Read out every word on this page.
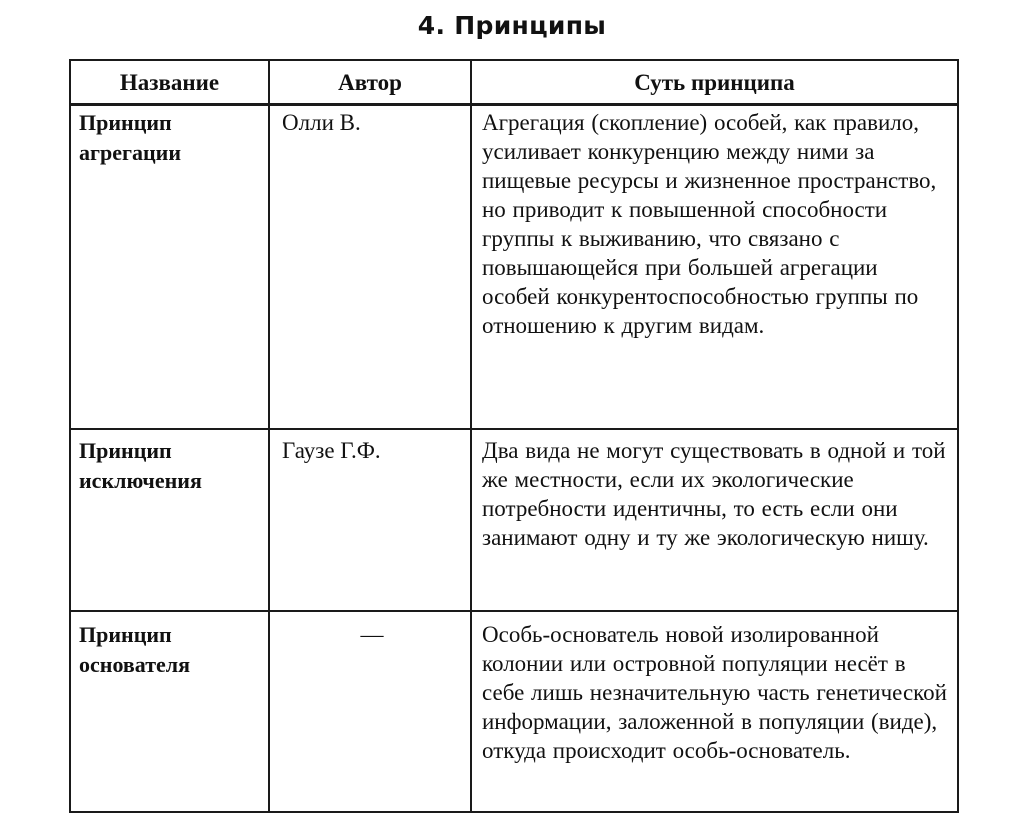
4. Принципы
Название	Автор	Суть принципа
Принцип агрегации	Олли В.	Агрегация (скопление) особей, как правило, усиливает конкуренцию между ними за пищевые ресурсы и жизненное пространство, но приводит к повышенной способности группы к выживанию, что связано с повышающейся при большей агрегации особей конкурентоспособностью группы по отношению к другим видам.
Принцип исключения	Гаузе Г.Ф.	Два вида не могут существовать в одной и той же местности, если их экологические потребности идентичны, то есть если они занимают одну и ту же экологическую нишу.
Принцип основателя	—	Особь-основатель новой изолированной колонии или островной популяции несёт в себе лишь незначительную часть генетической информации, заложенной в популяции (виде), откуда происходит особь-основатель.
